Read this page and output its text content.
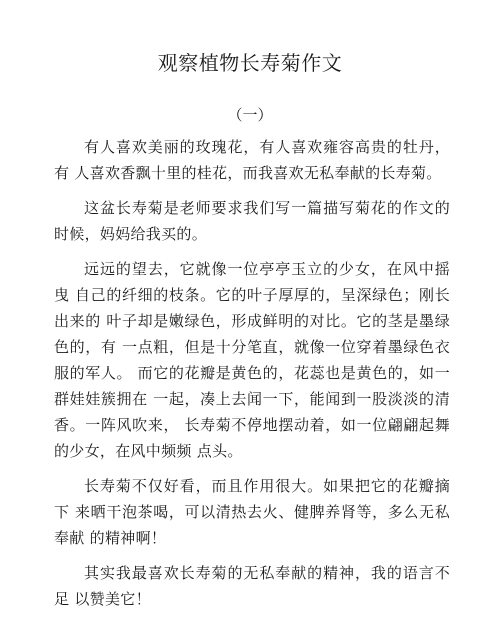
观察植物长寿菊作文
（一）

有人喜欢美丽的玫瑰花，有人喜欢雍容高贵的牡丹，有 人喜欢香飘十里的桂花，而我喜欢无私奉献的长寿菊。

这盆长寿菊是老师要求我们写一篇描写菊花的作文的 时候，妈妈给我买的。

远远的望去，它就像一位亭亭玉立的少女，在风中摇曳 自己的纤细的枝条。它的叶子厚厚的，呈深绿色；刚长出来的 叶子却是嫩绿色，形成鲜明的对比。它的茎是墨绿色的，有 一点粗，但是十分笔直，就像一位穿着墨绿色衣服的军人。 而它的花瓣是黄色的，花蕊也是黄色的，如一群娃娃簇拥在 一起，凑上去闻一下，能闻到一股淡淡的清香。一阵风吹来， 长寿菊不停地摆动着，如一位翩翩起舞的少女，在风中频频 点头。

长寿菊不仅好看，而且作用很大。如果把它的花瓣摘下 来晒干泡茶喝，可以清热去火、健脾养肾等，多么无私奉献 的精神啊！

其实我最喜欢长寿菊的无私奉献的精神，我的语言不足 以赞美它！
